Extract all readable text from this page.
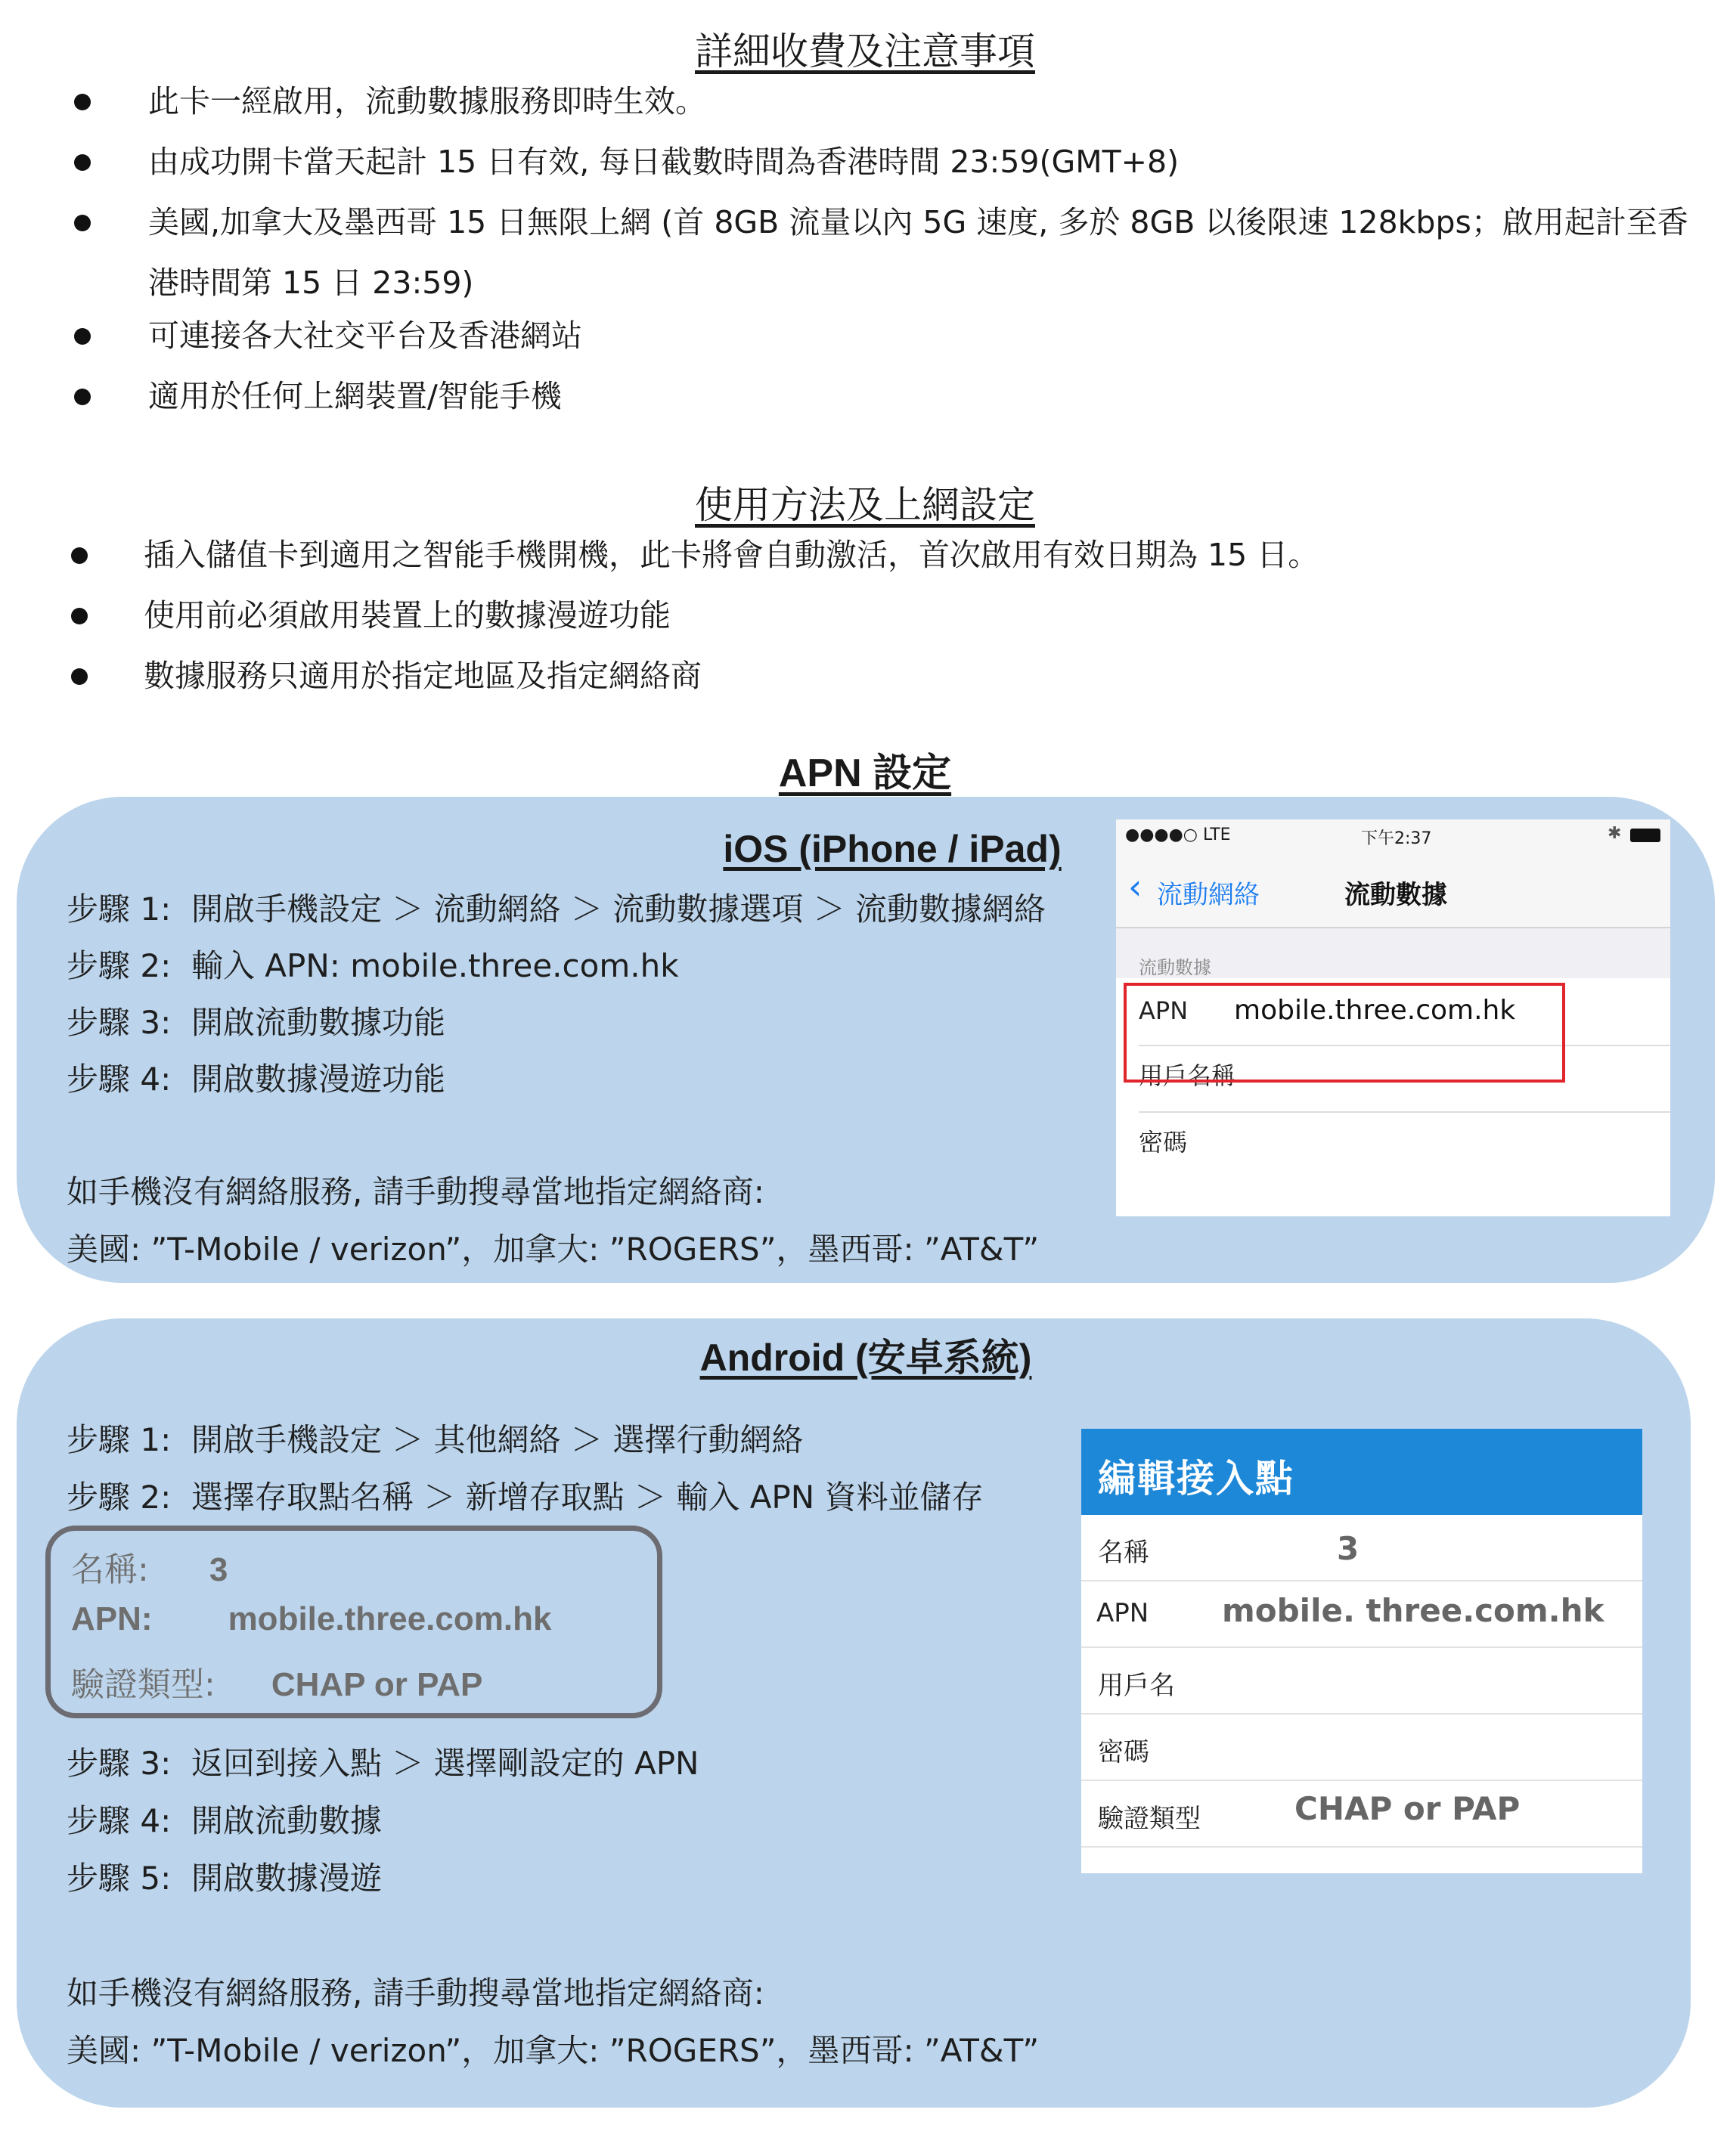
詳細收費及注意事項
此卡一經啟用，流動數據服務即時生效。
由成功開卡當天起計 15 日有效, 每日截數時間為香港時間 23:59(GMT+8)
美國,加拿大及墨西哥 15 日無限上網 (首 8GB 流量以內 5G 速度, 多於 8GB 以後限速 128kbps；啟用起計至香港時間第 15 日 23:59)
可連接各大社交平台及香港網站
適用於任何上網裝置/智能手機
使用方法及上網設定
插入儲值卡到適用之智能手機開機，此卡將會自動激活，首次啟用有效日期為 15 日。
使用前必須啟用裝置上的數據漫遊功能
數據服務只適用於指定地區及指定網絡商
APN 設定
iOS (iPhone / iPad)
步驟 1: 開啟手機設定 ＞ 流動網絡 ＞ 流動數據選項 ＞ 流動數據網絡
步驟 2: 輸入 APN: mobile.three.com.hk
步驟 3: 開啟流動數據功能
步驟 4: 開啟數據漫遊功能
如手機沒有網絡服務, 請手動搜尋當地指定網絡商:
美國: ”T-Mobile / verizon”，加拿大: ”ROGERS”，墨西哥: ”AT&T”
●●●●○ LTE	下午2:37	✱
‹ 流動網絡	流動數據
流動數據
APN mobile.three.com.hk
用戶名稱
密碼
Android (安卓系統)
步驟 1: 開啟手機設定 ＞ 其他網絡 ＞ 選擇行動網絡
步驟 2: 選擇存取點名稱 ＞ 新增存取點 ＞ 輸入 APN 資料並儲存
名稱: 3
APN: mobile.three.com.hk
驗證類型: CHAP or PAP
步驟 3: 返回到接入點 ＞ 選擇剛設定的 APN
步驟 4: 開啟流動數據
步驟 5: 開啟數據漫遊
如手機沒有網絡服務, 請手動搜尋當地指定網絡商:
美國: ”T-Mobile / verizon”，加拿大: ”ROGERS”，墨西哥: ”AT&T”
編輯接入點
名稱	3
APN mobile. three.com.hk
用戶名
密碼
驗證類型	CHAP or PAP
